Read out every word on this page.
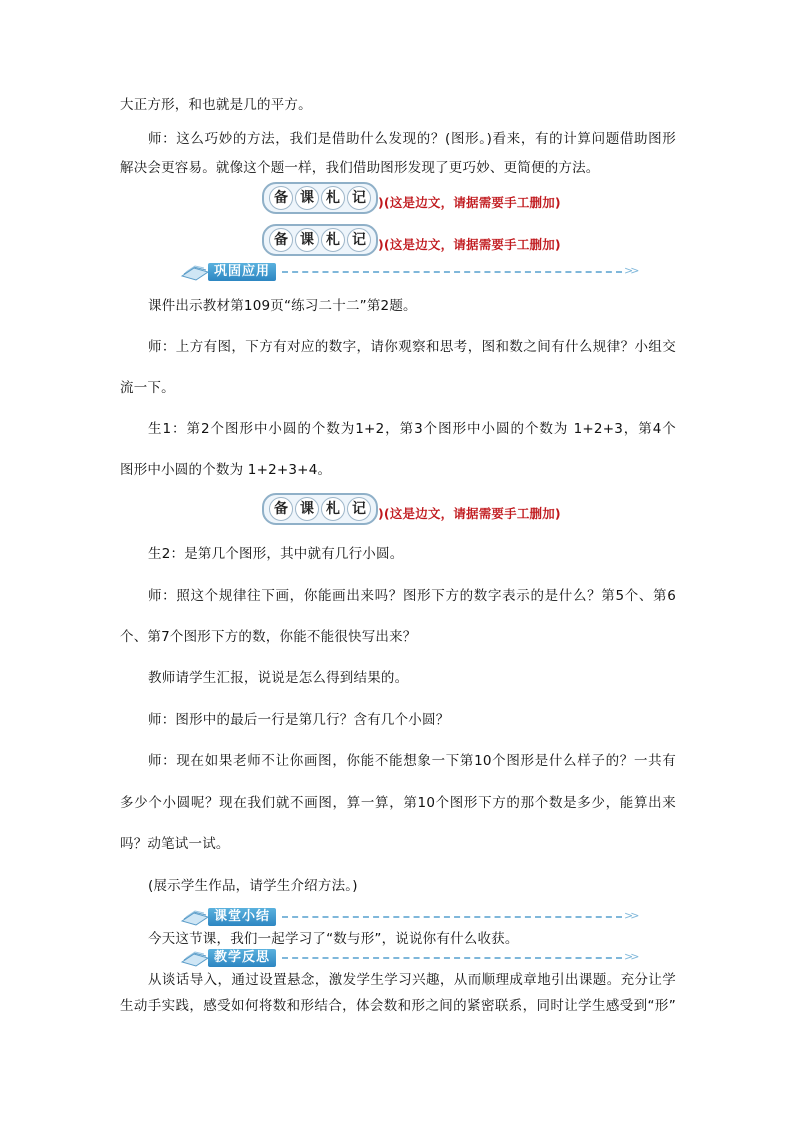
大正方形，和也就是几的平方。
师：这么巧妙的方法，我们是借助什么发现的？(图形。)看来，有的计算问题借助图形
解决会更容易。就像这个题一样，我们借助图形发现了更巧妙、更简便的方法。
备 课 札 记 )(这是边文，请据需要手工删加)
备 课 札 记 )(这是边文，请据需要手工删加)
巩固应用	>>
课件出示教材第109页“练习二十二”第2题。
师：上方有图，下方有对应的数字，请你观察和思考，图和数之间有什么规律？小组交
流一下。
生1：第2个图形中小圆的个数为1+2，第3个图形中小圆的个数为 1+2+3，第4个
图形中小圆的个数为 1+2+3+4。
备 课 札 记 )(这是边文，请据需要手工删加)
生2：是第几个图形，其中就有几行小圆。
师：照这个规律往下画，你能画出来吗？图形下方的数字表示的是什么？第5个、第6
个、第7个图形下方的数，你能不能很快写出来？
教师请学生汇报，说说是怎么得到结果的。
师：图形中的最后一行是第几行？含有几个小圆？
师：现在如果老师不让你画图，你能不能想象一下第10个图形是什么样子的？一共有
多少个小圆呢？现在我们就不画图，算一算，第10个图形下方的那个数是多少，能算出来
吗？动笔试一试。
(展示学生作品，请学生介绍方法。)
课堂小结	>>
今天这节课，我们一起学习了“数与形”，说说你有什么收获。
教学反思	>>
从谈话导入，通过设置悬念，激发学生学习兴趣，从而顺理成章地引出课题。充分让学
生动手实践，感受如何将数和形结合，体会数和形之间的紧密联系，同时让学生感受到“形”
